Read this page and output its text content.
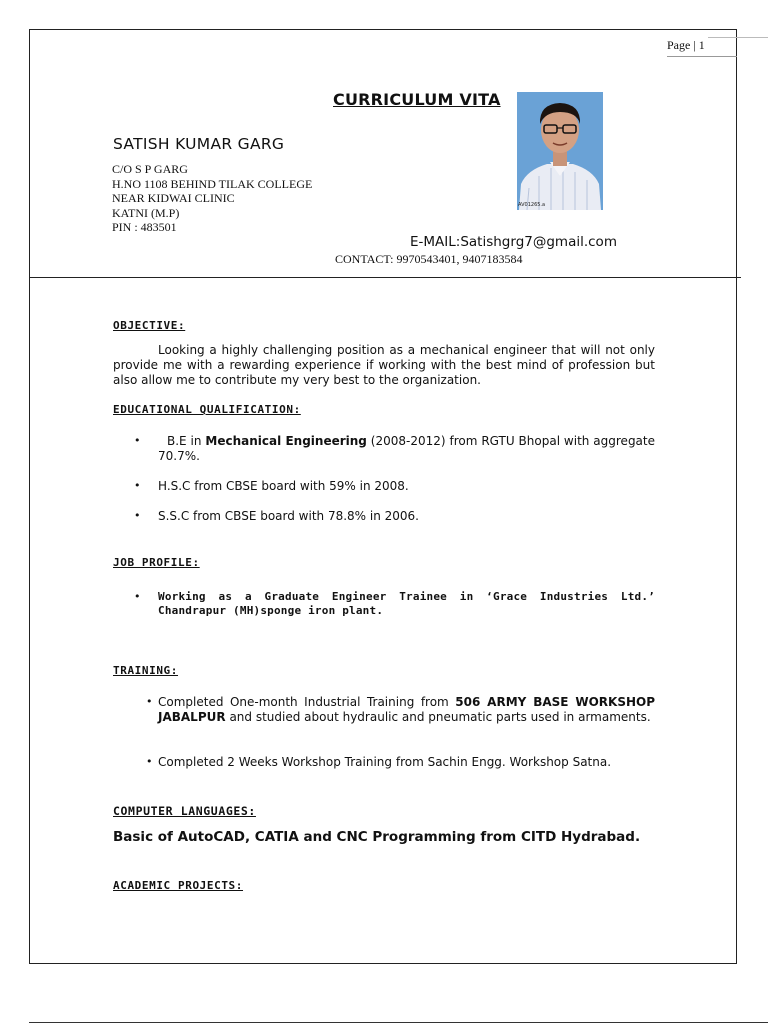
Page | 1
CURRICULUM VITA
AV01265.a
SATISH KUMAR GARG
C/O S P GARG
H.NO 1108 BEHIND TILAK COLLEGE
NEAR KIDWAI CLINIC
KATNI (M.P)
PIN : 483501
E-MAIL:Satishgrg7@gmail.com
CONTACT: 9970543401, 9407183584
OBJECTIVE:
Looking a highly challenging position as a mechanical engineer that will not only provide me with a rewarding experience if working with the best mind of profession but also allow me to contribute my very best to the organization.
EDUCATIONAL QUALIFICATION:
•	B.E in Mechanical Engineering (2008-2012) from RGTU Bhopal with aggregate 70.7%.
• H.S.C from CBSE board with 59% in 2008.
• S.S.C from CBSE board with 78.8% in 2006.
JOB PROFILE:
• Working as a Graduate Engineer Trainee in ‘Grace Industries Ltd.’ Chandrapur (MH)sponge iron plant.
TRAINING:
• Completed One-month Industrial Training from 506 ARMY BASE WORKSHOP JABALPUR and studied about hydraulic and pneumatic parts used in armaments.
• Completed 2 Weeks Workshop Training from Sachin Engg. Workshop Satna.
COMPUTER LANGUAGES:
Basic of AutoCAD, CATIA and CNC Programming from CITD Hydrabad.
ACADEMIC PROJECTS:
